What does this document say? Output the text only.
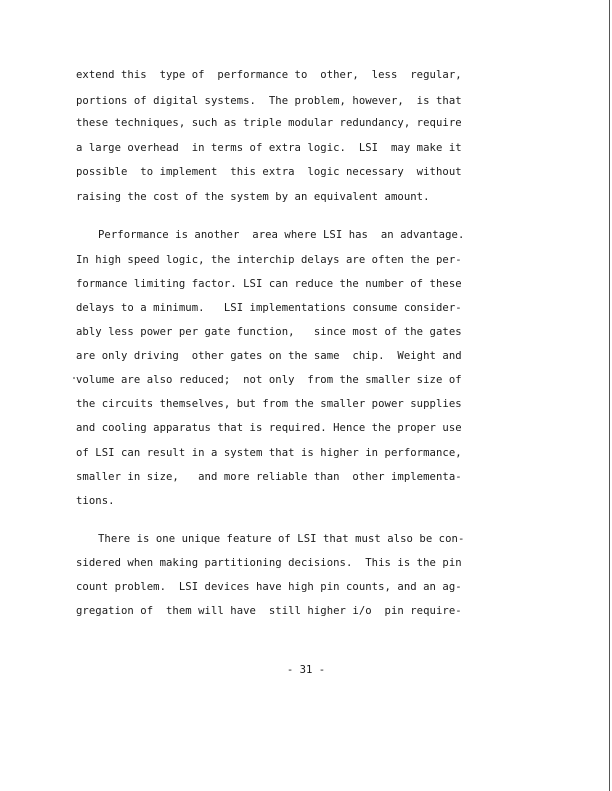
extend this  type of  performance to  other,  less  regular,
portions of digital systems.  The problem, however,  is that
these techniques, such as triple modular redundancy, require
a large overhead  in terms of extra logic.  LSI  may make it
possible  to implement  this extra  logic necessary  without
raising the cost of the system by an equivalent amount.
Performance is another  area where LSI has  an advantage.
In high speed logic, the interchip delays are often the per-
formance limiting factor. LSI can reduce the number of these
delays to a minimum.   LSI implementations consume consider-
ably less power per gate function,   since most of the gates
are only driving  other gates on the same  chip.  Weight and
volume are also reduced;  not only  from the smaller size of
the circuits themselves, but from the smaller power supplies
and cooling apparatus that is required. Hence the proper use
of LSI can result in a system that is higher in performance,
smaller in size,   and more reliable than  other implementa-
tions.
There is one unique feature of LSI that must also be con-
sidered when making partitioning decisions.  This is the pin
count problem.  LSI devices have high pin counts, and an ag-
gregation of  them will have  still higher i/o  pin require-
- 31 -
